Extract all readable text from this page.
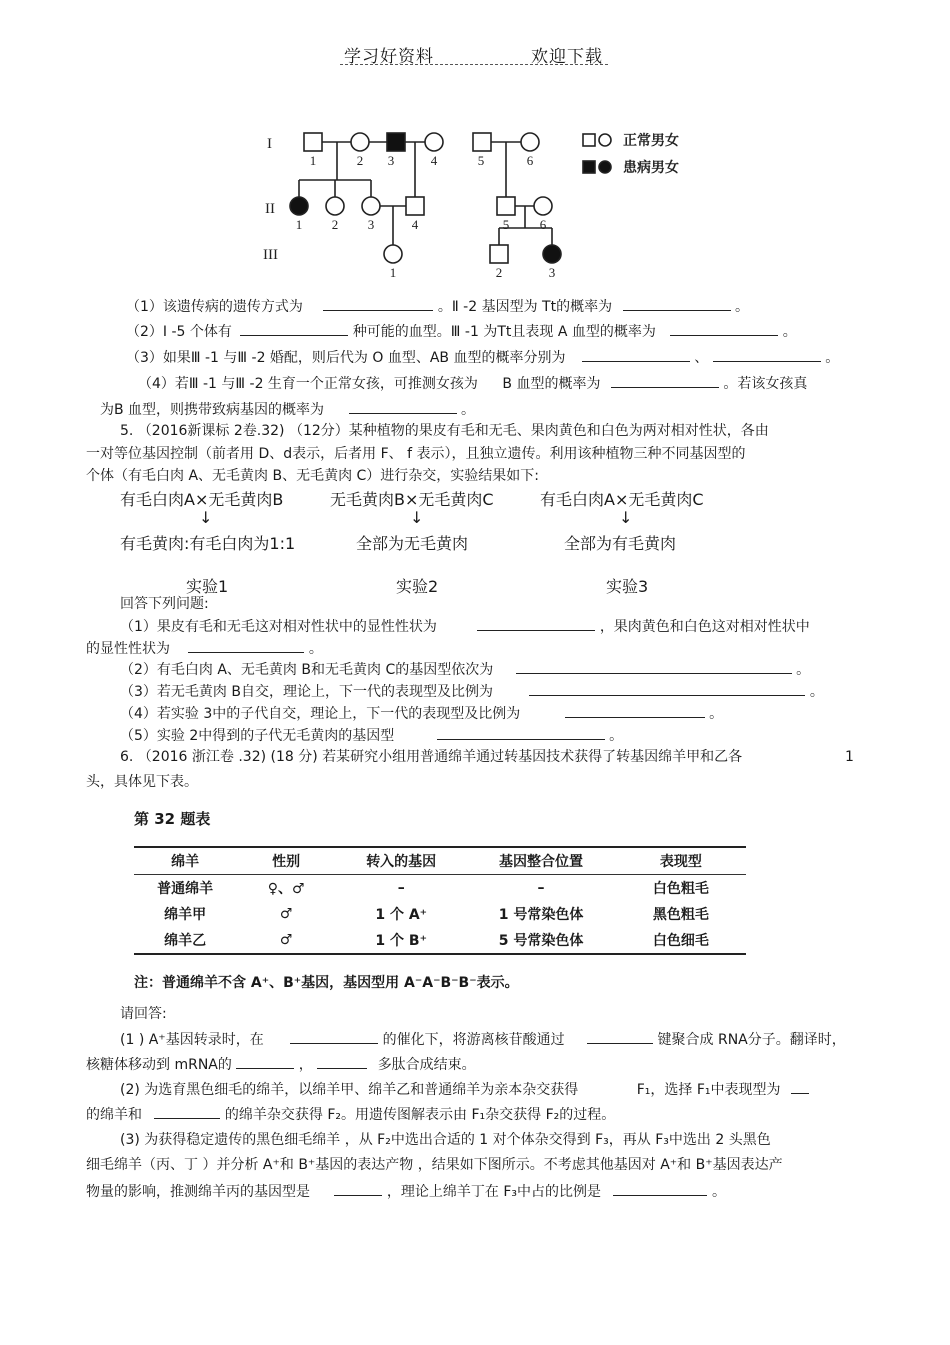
学习好资料	欢迎下载
I
II
III
1	2 3	4	5	6
1 2 3	4	5 6
1	2	3
正常男女
患病男女
（1）该遗传病的遗传方式为	。Ⅱ -2 基因型为 Tt的概率为	。
（2）Ⅰ -5 个体有	种可能的血型。Ⅲ -1 为Tt且表现 A 血型的概率为	。
（3）如果Ⅲ -1 与Ⅲ -2 婚配，则后代为 O 血型、AB 血型的概率分别为	、	。
（4）若Ⅲ -1 与Ⅲ -2 生育一个正常女孩，可推测女孩为 B 血型的概率为	。若该女孩真
为B 血型，则携带致病基因的概率为	。
5. （2016新课标 2卷.32) （12分）某种植物的果皮有毛和无毛、果肉黄色和白色为两对相对性状，各由
一对等位基因控制（前者用 D、d表示，后者用 F、 f 表示），且独立遗传。利用该种植物三种不同基因型的
个体（有毛白肉 A、无毛黄肉 B、无毛黄肉 C）进行杂交，实验结果如下:
有毛白肉A×无毛黄肉B
↓
有毛黄肉:有毛白肉为1:1
实验1
无毛黄肉B×无毛黄肉C
↓
全部为无毛黄肉
实验2
有毛白肉A×无毛黄肉C
↓
全部为有毛黄肉
实验3
回答下列问题:
（1）果皮有毛和无毛这对相对性状中的显性性状为	，果肉黄色和白色这对相对性状中
的显性性状为	。
（2）有毛白肉 A、无毛黄肉 B和无毛黄肉 C的基因型依次为	。
（3）若无毛黄肉 B自交，理论上，下一代的表现型及比例为	。
（4）若实验 3中的子代自交，理论上，下一代的表现型及比例为	。
（5）实验 2中得到的子代无毛黄肉的基因型	。
6. （2016 浙江卷 .32) (18 分) 若某研究小组用普通绵羊通过转基因技术获得了转基因绵羊甲和乙各	1
头，具体见下表。
第 32 题表
绵羊	性别	转入的基因	基因整合位置	表现型
普通绵羊	♀、♂	–	–	白色粗毛
绵羊甲	♂	1 个 A⁺	1 号常染色体	黑色粗毛
绵羊乙	♂	1 个 B⁺	5 号常染色体	白色细毛
注：普通绵羊不含 A⁺、B⁺基因，基因型用 A⁻A⁻B⁻B⁻表示。
请回答:
(1 ) A⁺基因转录时，在	的催化下，将游离核苷酸通过	键聚合成 RNA分子。翻译时，
核糖体移动到 mRNA的	，	多肽合成结束。
(2) 为选育黑色细毛的绵羊，以绵羊甲、绵羊乙和普通绵羊为亲本杂交获得	F₁，选择 F₁中表现型为
的绵羊和	的绵羊杂交获得 F₂。用遗传图解表示由 F₁杂交获得 F₂的过程。
(3) 为获得稳定遗传的黑色细毛绵羊 ，从 F₂中选出合适的 1 对个体杂交得到 F₃，再从 F₃中选出 2 头黑色
细毛绵羊（丙、丁 ）并分析 A⁺和 B⁺基因的表达产物 ，结果如下图所示。不考虑其他基因对 A⁺和 B⁺基因表达产
物量的影响，推测绵羊丙的基因型是	，理论上绵羊丁在 F₃中占的比例是	。
